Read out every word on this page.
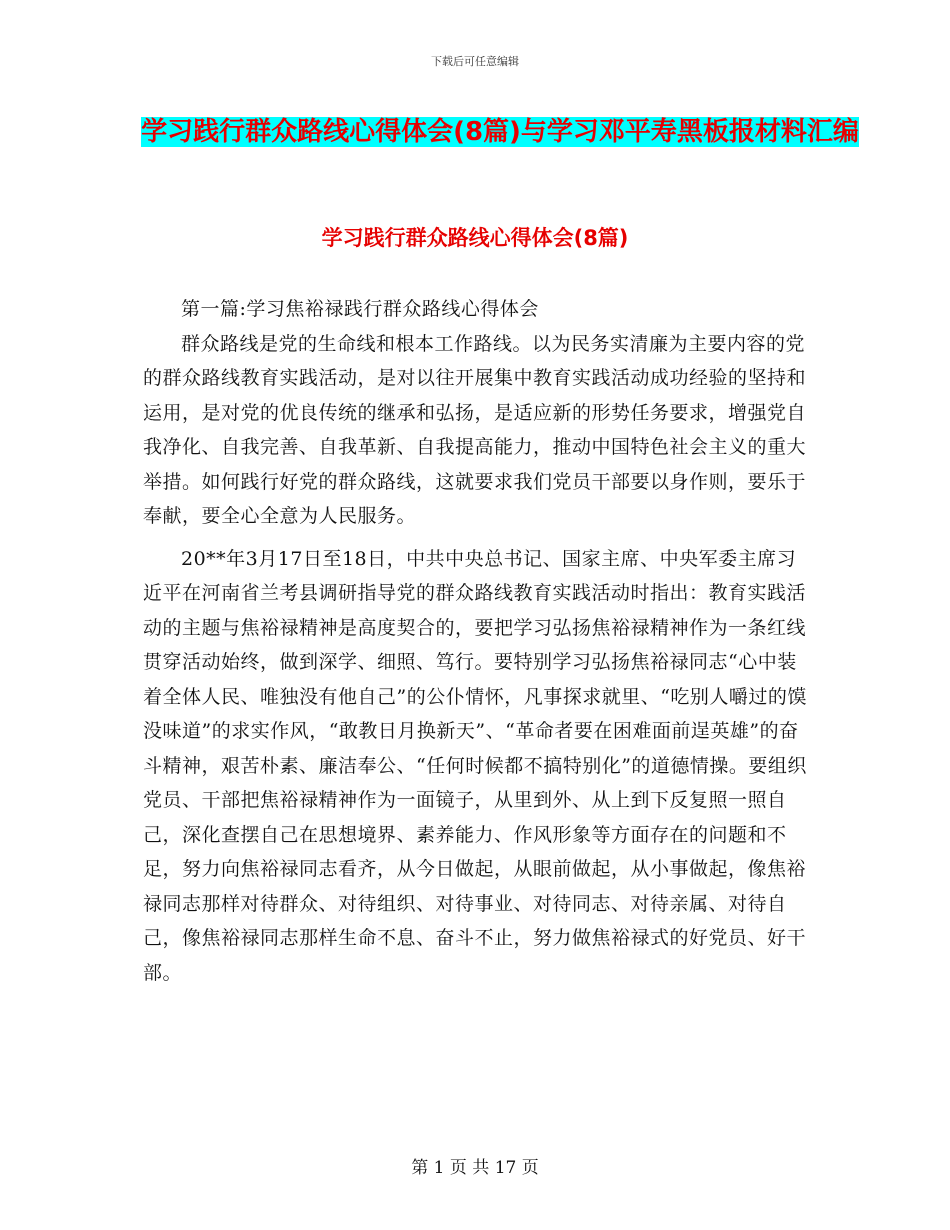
下载后可任意编辑
学习践行群众路线心得体会(8篇)与学习邓平寿黑板报材料汇编
学习践行群众路线心得体会(8篇)

第一篇:学习焦裕禄践行群众路线心得体会

群众路线是党的生命线和根本工作路线。以为民务实清廉为主要内容的党的群众路线教育实践活动，是对以往开展集中教育实践活动成功经验的坚持和运用，是对党的优良传统的继承和弘扬，是适应新的形势任务要求，增强党自我净化、自我完善、自我革新、自我提高能力，推动中国特色社会主义的重大举措。如何践行好党的群众路线，这就要求我们党员干部要以身作则，要乐于奉献，要全心全意为人民服务。

20**年3月17日至18日，中共中央总书记、国家主席、中央军委主席习近平在河南省兰考县调研指导党的群众路线教育实践活动时指出：教育实践活动的主题与焦裕禄精神是高度契合的，要把学习弘扬焦裕禄精神作为一条红线贯穿活动始终，做到深学、细照、笃行。要特别学习弘扬焦裕禄同志“心中装着全体人民、唯独没有他自己”的公仆情怀，凡事探求就里、“吃别人嚼过的馍没味道”的求实作风，“敢教日月换新天”、“革命者要在困难面前逞英雄”的奋斗精神，艰苦朴素、廉洁奉公、“任何时候都不搞特别化”的道德情操。要组织党员、干部把焦裕禄精神作为一面镜子，从里到外、从上到下反复照一照自己，深化查摆自己在思想境界、素养能力、作风形象等方面存在的问题和不足，努力向焦裕禄同志看齐，从今日做起，从眼前做起，从小事做起，像焦裕禄同志那样对待群众、对待组织、对待事业、对待同志、对待亲属、对待自己，像焦裕禄同志那样生命不息、奋斗不止，努力做焦裕禄式的好党员、好干部。

第 1 页 共 17 页
